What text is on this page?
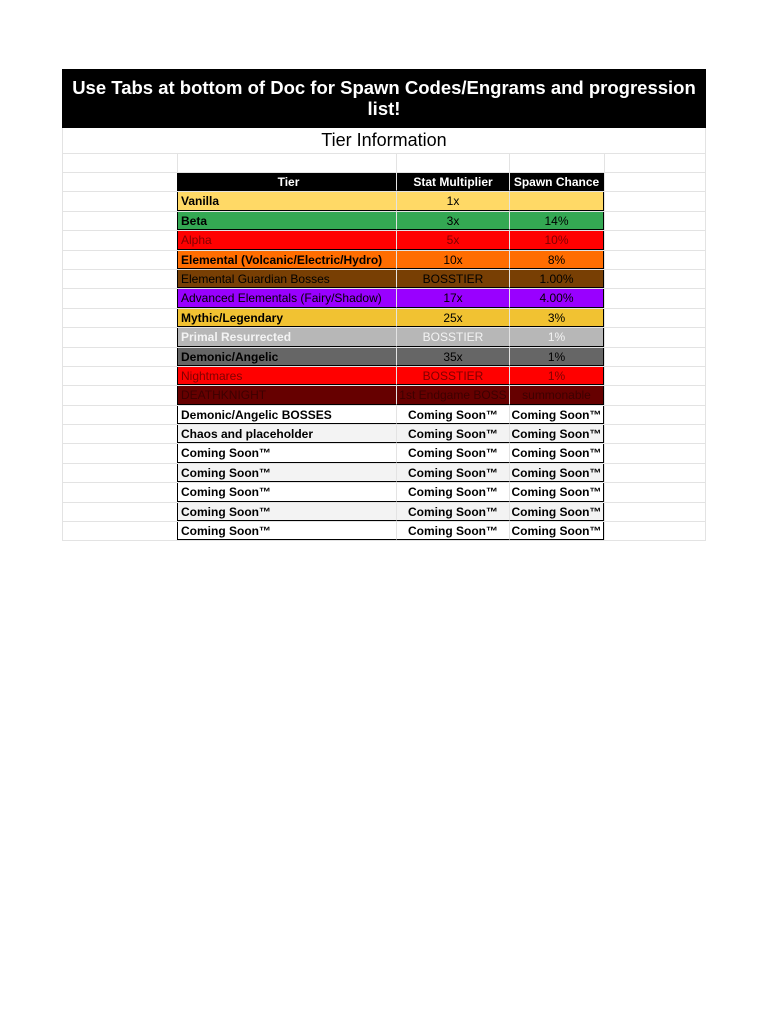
Use Tabs at bottom of Doc for Spawn Codes/Engrams and progression list!
Tier Information
Tier	Stat Multiplier	Spawn Chance
Vanilla	1x
Beta	3x	14%
Alpha	5x	10%
Elemental (Volcanic/Electric/Hydro)	10x	8%
Elemental Guardian Bosses	BOSSTIER	1.00%
Advanced Elementals (Fairy/Shadow)	17x	4.00%
Mythic/Legendary	25x	3%
Primal Resurrected	BOSSTIER	1%
Demonic/Angelic	35x	1%
Nightmares	BOSSTIER	1%
DEATHKNIGHT	1st Endgame BOSS	summonable
Demonic/Angelic BOSSES	Coming Soon™	Coming Soon™
Chaos and placeholder	Coming Soon™	Coming Soon™
Coming Soon™	Coming Soon™	Coming Soon™
Coming Soon™	Coming Soon™	Coming Soon™
Coming Soon™	Coming Soon™	Coming Soon™
Coming Soon™	Coming Soon™	Coming Soon™
Coming Soon™	Coming Soon™	Coming Soon™
